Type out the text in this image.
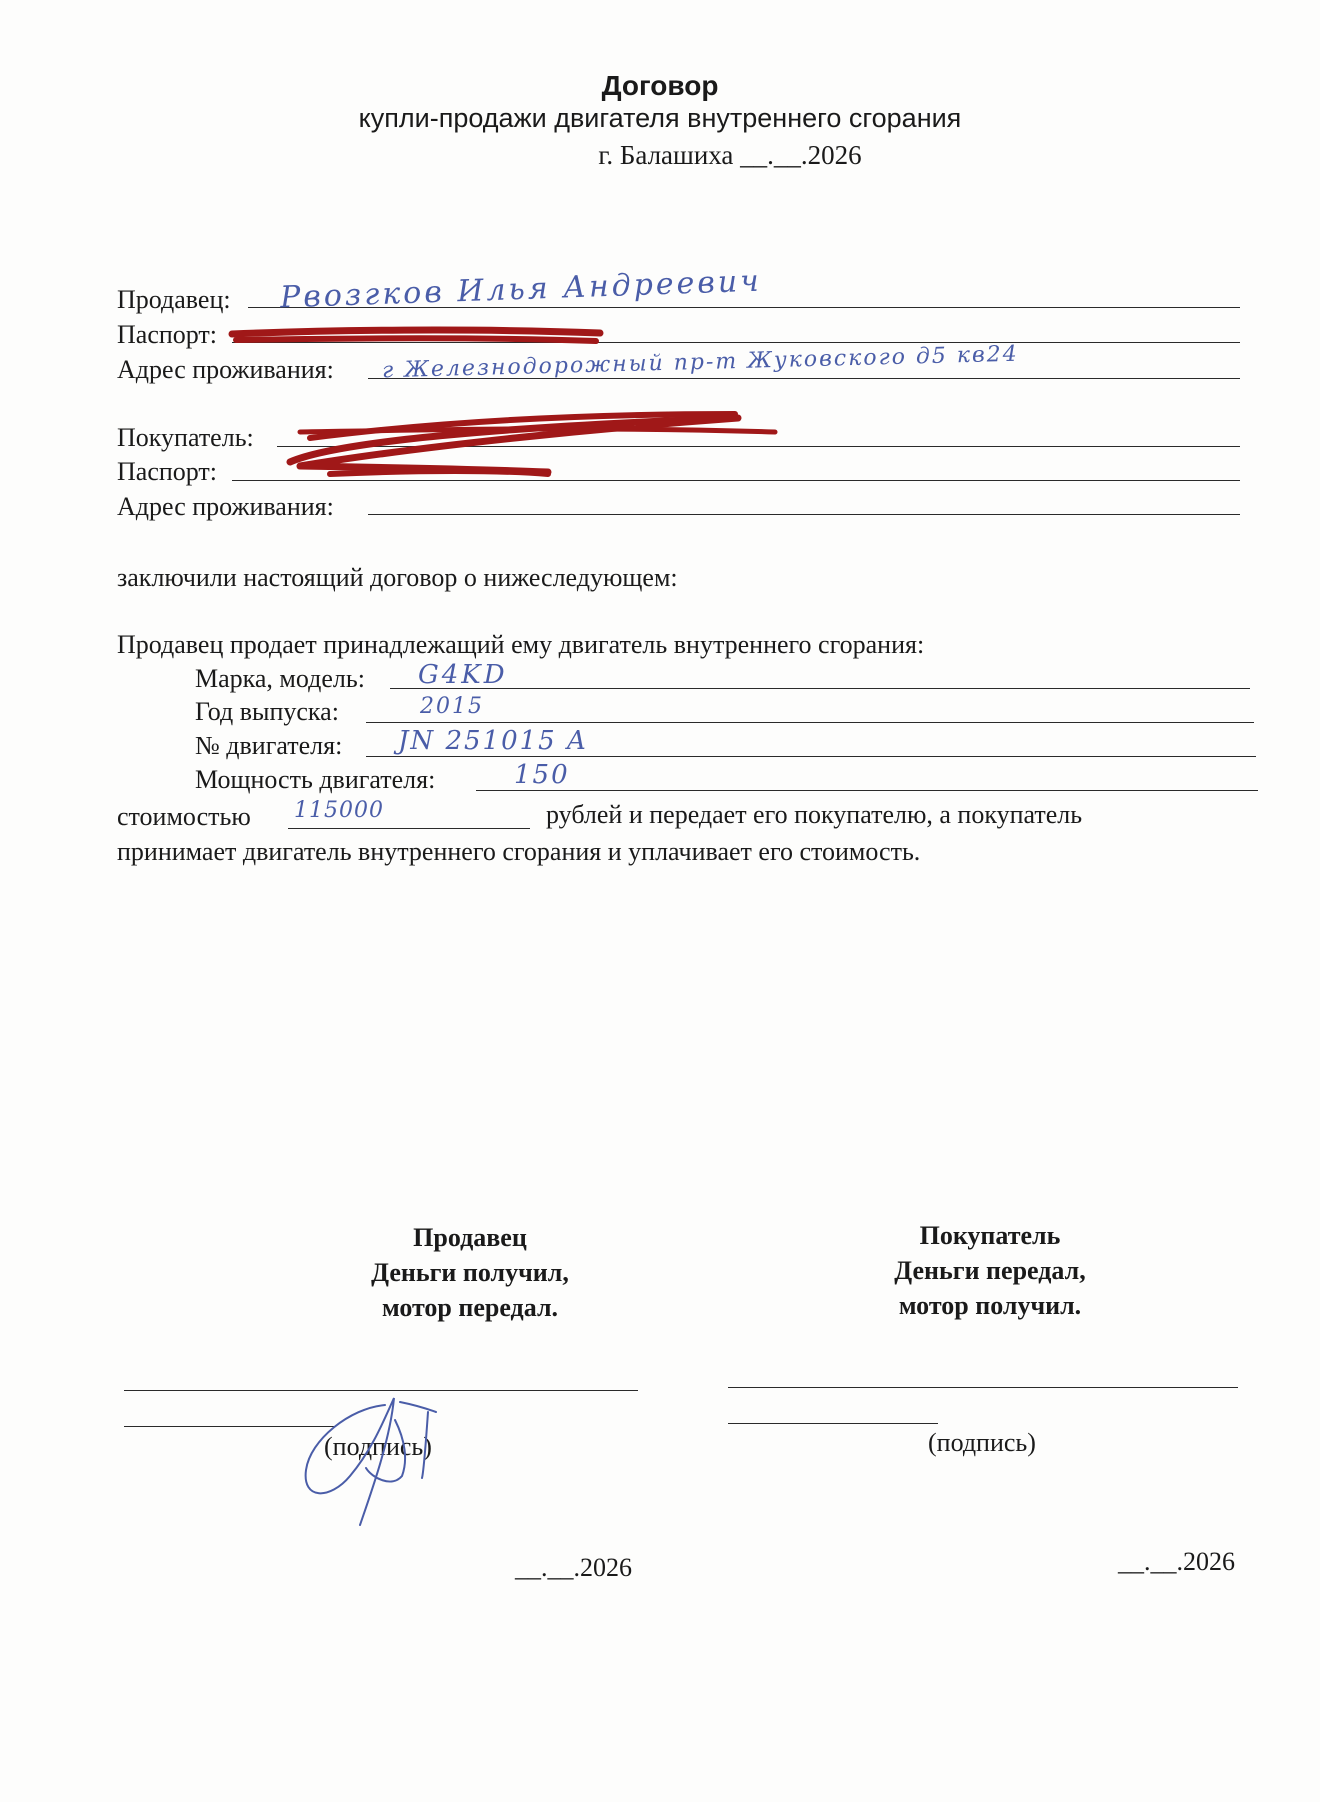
Договор
купли-продажи двигателя внутреннего сгорания
г. Балашиха __.__.2026
Продавец: Рвозгков Илья Андреевич
Паспорт:
Адрес проживания: г Железнодорожный пр-т Жуковского д5 кв24
Покупатель:
Паспорт:
Адрес проживания:
заключили настоящий договор о нижеследующем:
Продавец продает принадлежащий ему двигатель внутреннего сгорания:
Марка, модель: G4KD
Год выпуска:	2015
№ двигателя: JN 251015 A
Мощность двигателя:	150
стоимостью 115000	рублей и передает его покупателю, а покупатель
принимает двигатель внутреннего сгорания и уплачивает его стоимость.
Продавец
Деньги получил,
мотор передал.
Покупатель
Деньги передал,
мотор получил.
(подпись)
__.__.2026
(подпись)
__.__.2026
